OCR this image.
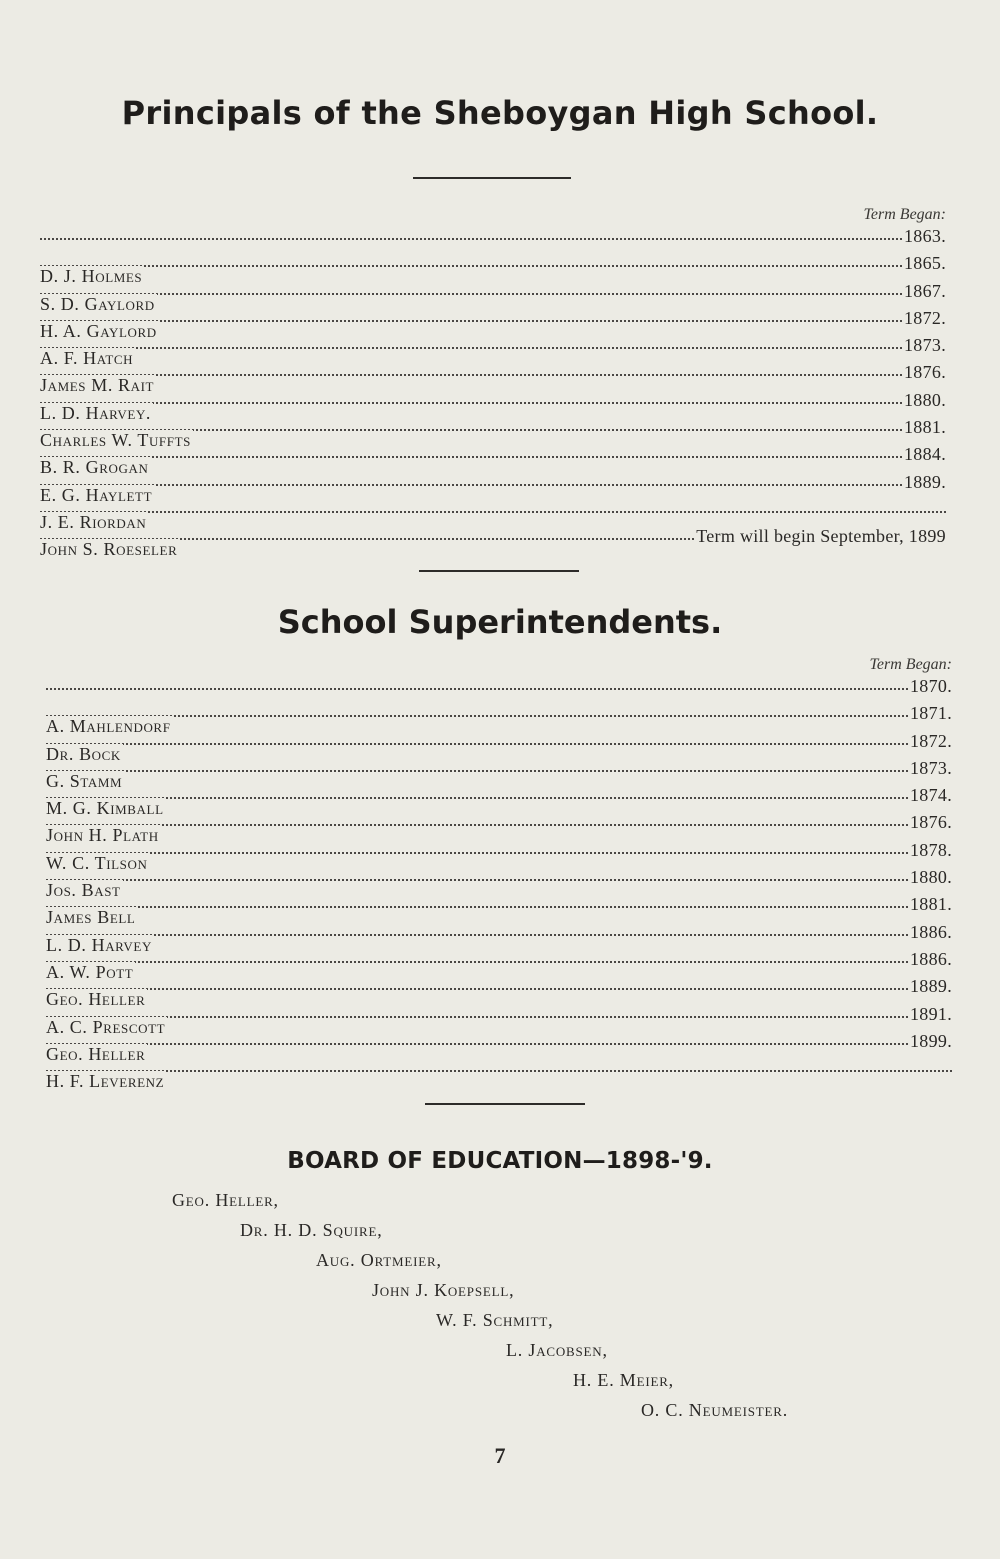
Principals of the Sheboygan High School.
Term Began:
1863.
D. J. Holmes
1865.
S. D. Gaylord
1867.
H. A. Gaylord
1872.
A. F. Hatch
1873.
James M. Rait
1876.
L. D. Harvey.
1880.
Charles W. Tuffts
1881.
B. R. Grogan
1884.
E. G. Haylett
1889.
J. E. Riordan
John S. Roeseler
Term will begin September, 1899
School Superintendents.
Term Began:
1870.
A. Mahlendorf
1871.
Dr. Bock
1872.
G. Stamm
1873.
M. G. Kimball
1874.
John H. Plath
1876.
W. C. Tilson
1878.
Jos. Bast
1880.
James Bell
1881.
L. D. Harvey
1886.
A. W. Pott
1886.
Geo. Heller
1889.
A. C. Prescott
1891.
Geo. Heller
1899.
H. F. Leverenz
BOARD OF EDUCATION—1898-'9.
Geo. Heller,
Dr. H. D. Squire,
Aug. Ortmeier,
John J. Koepsell,
W. F. Schmitt,
L. Jacobsen,
H. E. Meier,
O. C. Neumeister.
7
